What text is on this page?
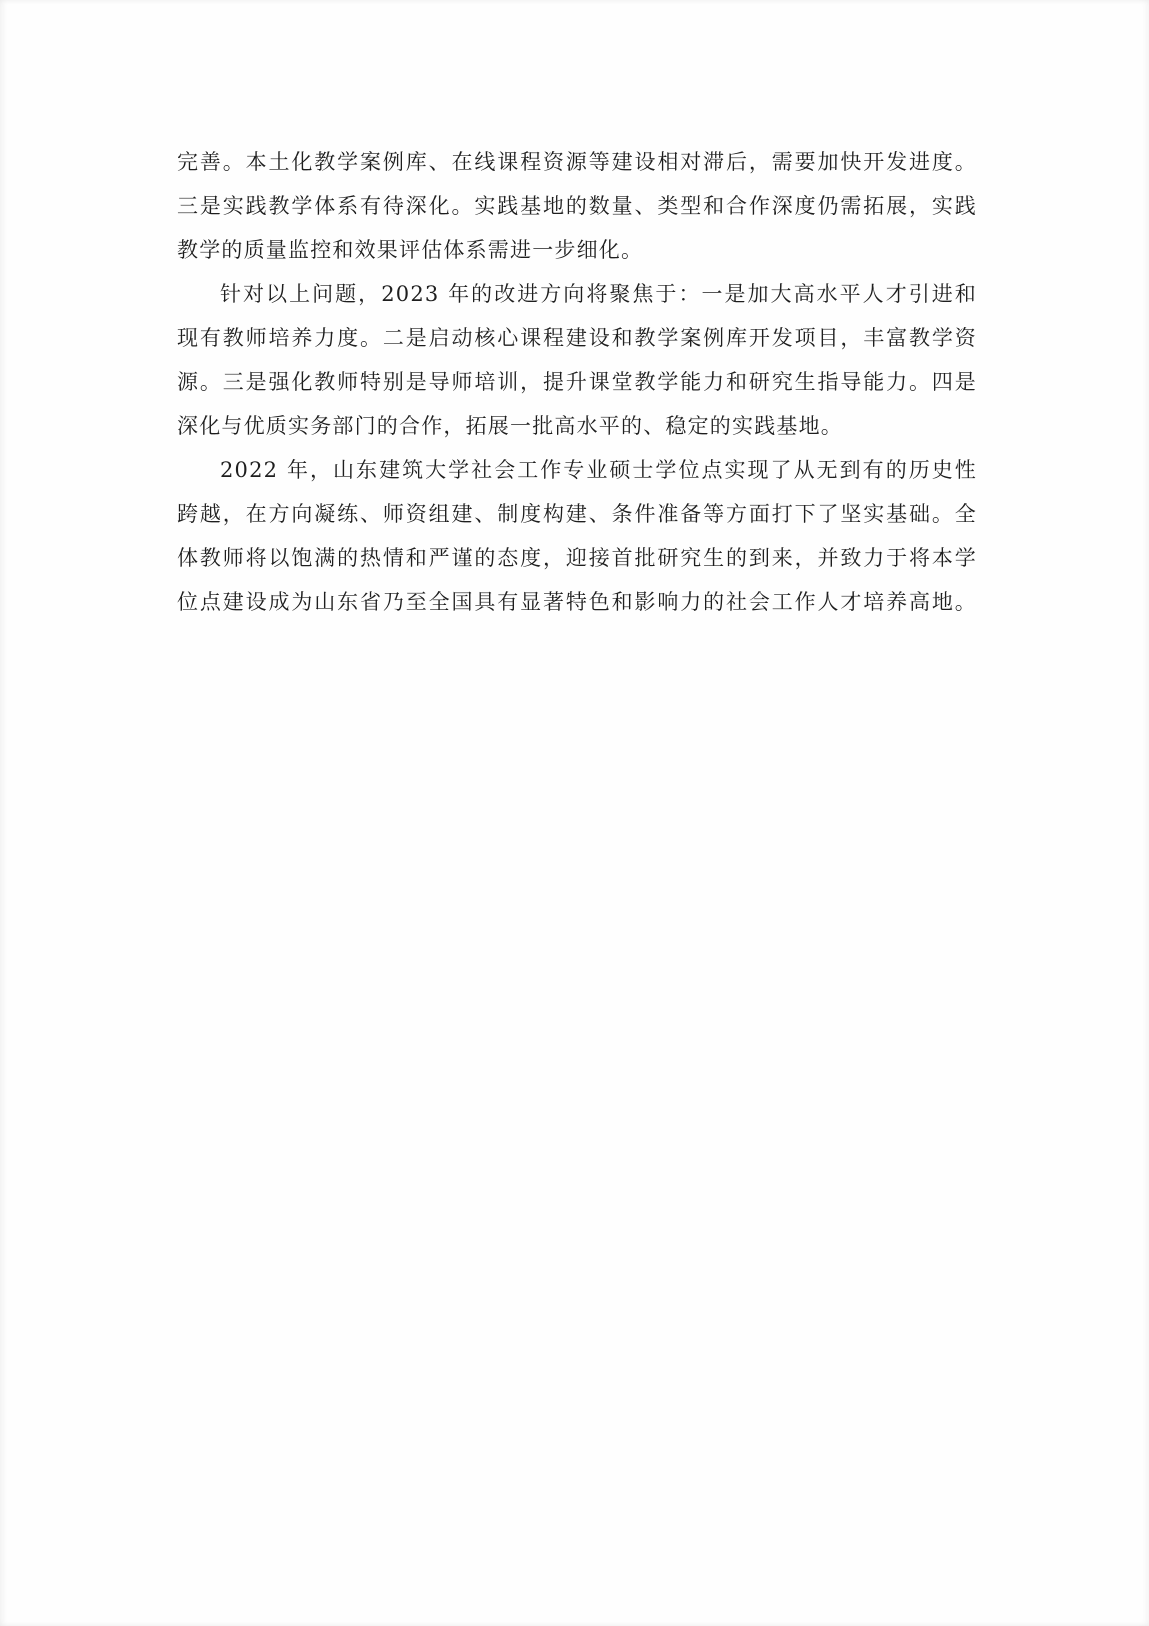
完善。本土化教学案例库、在线课程资源等建设相对滞后，需要加快开发进度。
三是实践教学体系有待深化。实践基地的数量、类型和合作深度仍需拓展，实践
教学的质量监控和效果评估体系需进一步细化。

针对以上问题，2023 年的改进方向将聚焦于：一是加大高水平人才引进和
现有教师培养力度。二是启动核心课程建设和教学案例库开发项目，丰富教学资
源。三是强化教师特别是导师培训，提升课堂教学能力和研究生指导能力。四是
深化与优质实务部门的合作，拓展一批高水平的、稳定的实践基地。

2022 年，山东建筑大学社会工作专业硕士学位点实现了从无到有的历史性
跨越，在方向凝练、师资组建、制度构建、条件准备等方面打下了坚实基础。全
体教师将以饱满的热情和严谨的态度，迎接首批研究生的到来，并致力于将本学
位点建设成为山东省乃至全国具有显著特色和影响力的社会工作人才培养高地。
